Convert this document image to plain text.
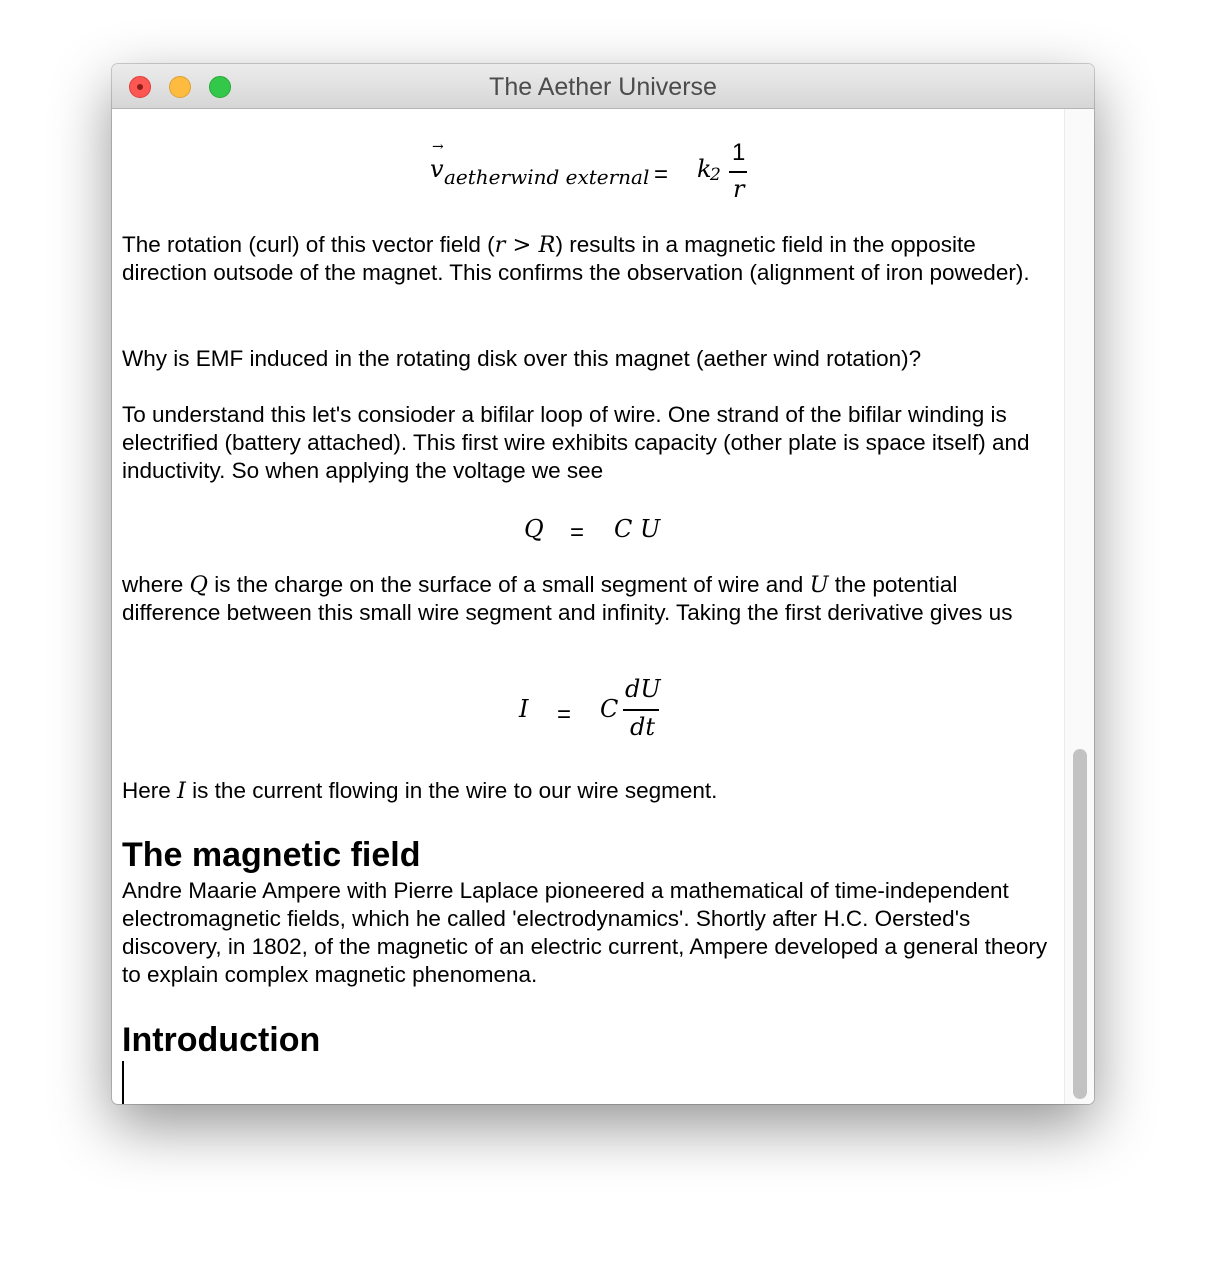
The Aether Universe
→
v aetherwind external = k
2
1
r
The rotation (curl) of this vector field (r > R) results in a magnetic field in the opposite direction outsode of the magnet. This confirms the observation (alignment of iron poweder).
Why is EMF induced in the rotating disk over this magnet (aether wind rotation)?
To understand this let's consioder a bifilar loop of wire. One strand of the bifilar winding is electrified (battery attached). This first wire exhibits capacity (other plate is space itself) and inductivity. So when applying the voltage we see
Q = C U
where Q is the charge on the surface of a small segment of wire and U the potential difference between this small wire segment and infinity. Taking the first derivative gives us
I = C
dU
dt
Here I is the current flowing in the wire to our wire segment.
The magnetic field
Andre Maarie Ampere with Pierre Laplace pioneered a mathematical of time-independent electromagnetic fields, which he called 'electrodynamics'. Shortly after H.C. Oersted's discovery, in 1802, of the magnetic of an electric current, Ampere developed a general theory to explain complex magnetic phenomena.
Introduction
